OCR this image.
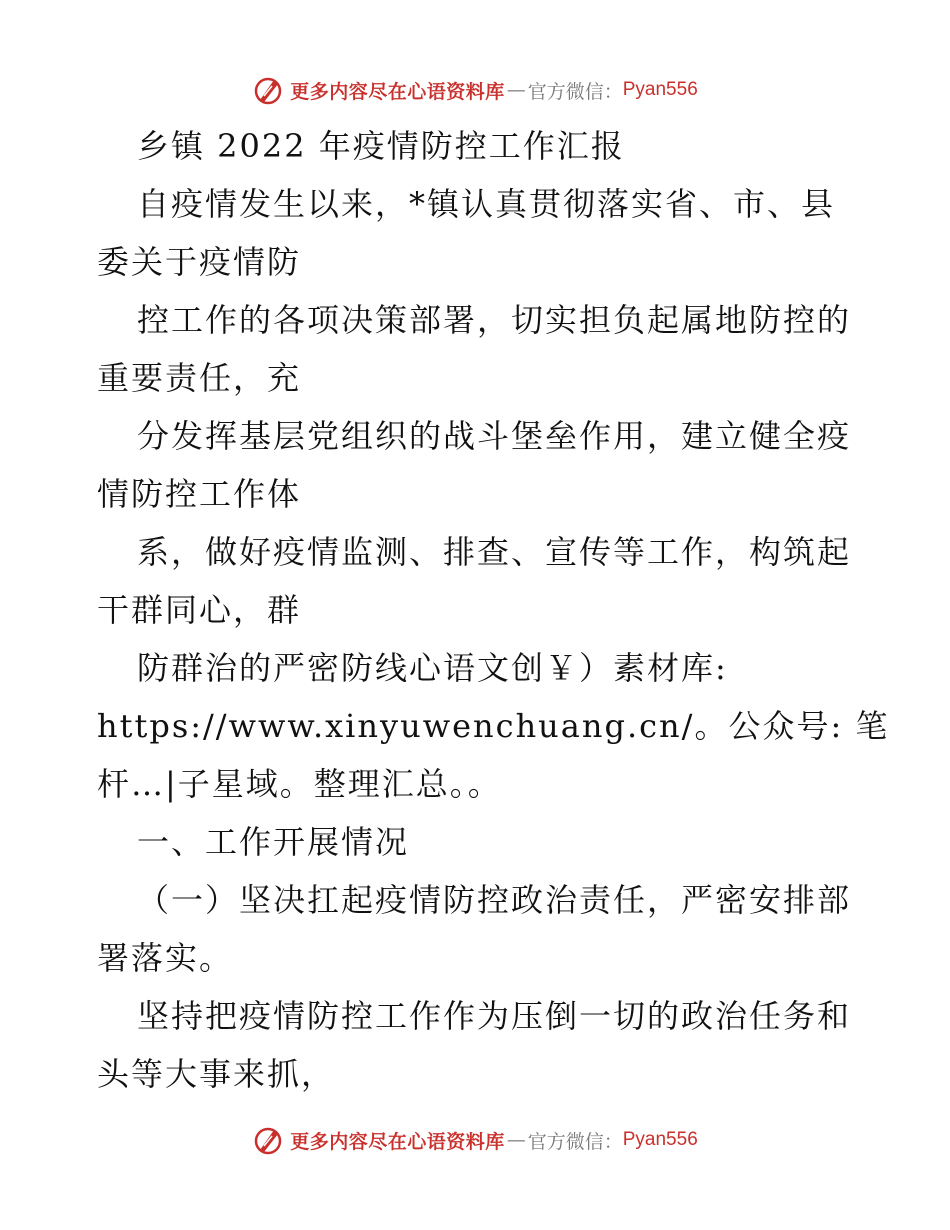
更多内容尽在心语资料库 — 官方微信： Pyan556
乡镇 2022 年疫情防控工作汇报
自疫情发生以来，*镇认真贯彻落实省、市、县
委关于疫情防
控工作的各项决策部署，切实担负起属地防控的
重要责任，充
分发挥基层党组织的战斗堡垒作用，建立健全疫
情防控工作体
系，做好疫情监测、排查、宣传等工作，构筑起
干群同心，群
防群治的严密防线心语文创￥）素材库:
https://www.xinyuwenchuang.cn/。公众号: 笔
杆…|子星域。整理汇总。。
一、工作开展情况
（一）坚决扛起疫情防控政治责任，严密安排部
署落实。
坚持把疫情防控工作作为压倒一切的政治任务和
头等大事来抓，
更多内容尽在心语资料库 — 官方微信： Pyan556
